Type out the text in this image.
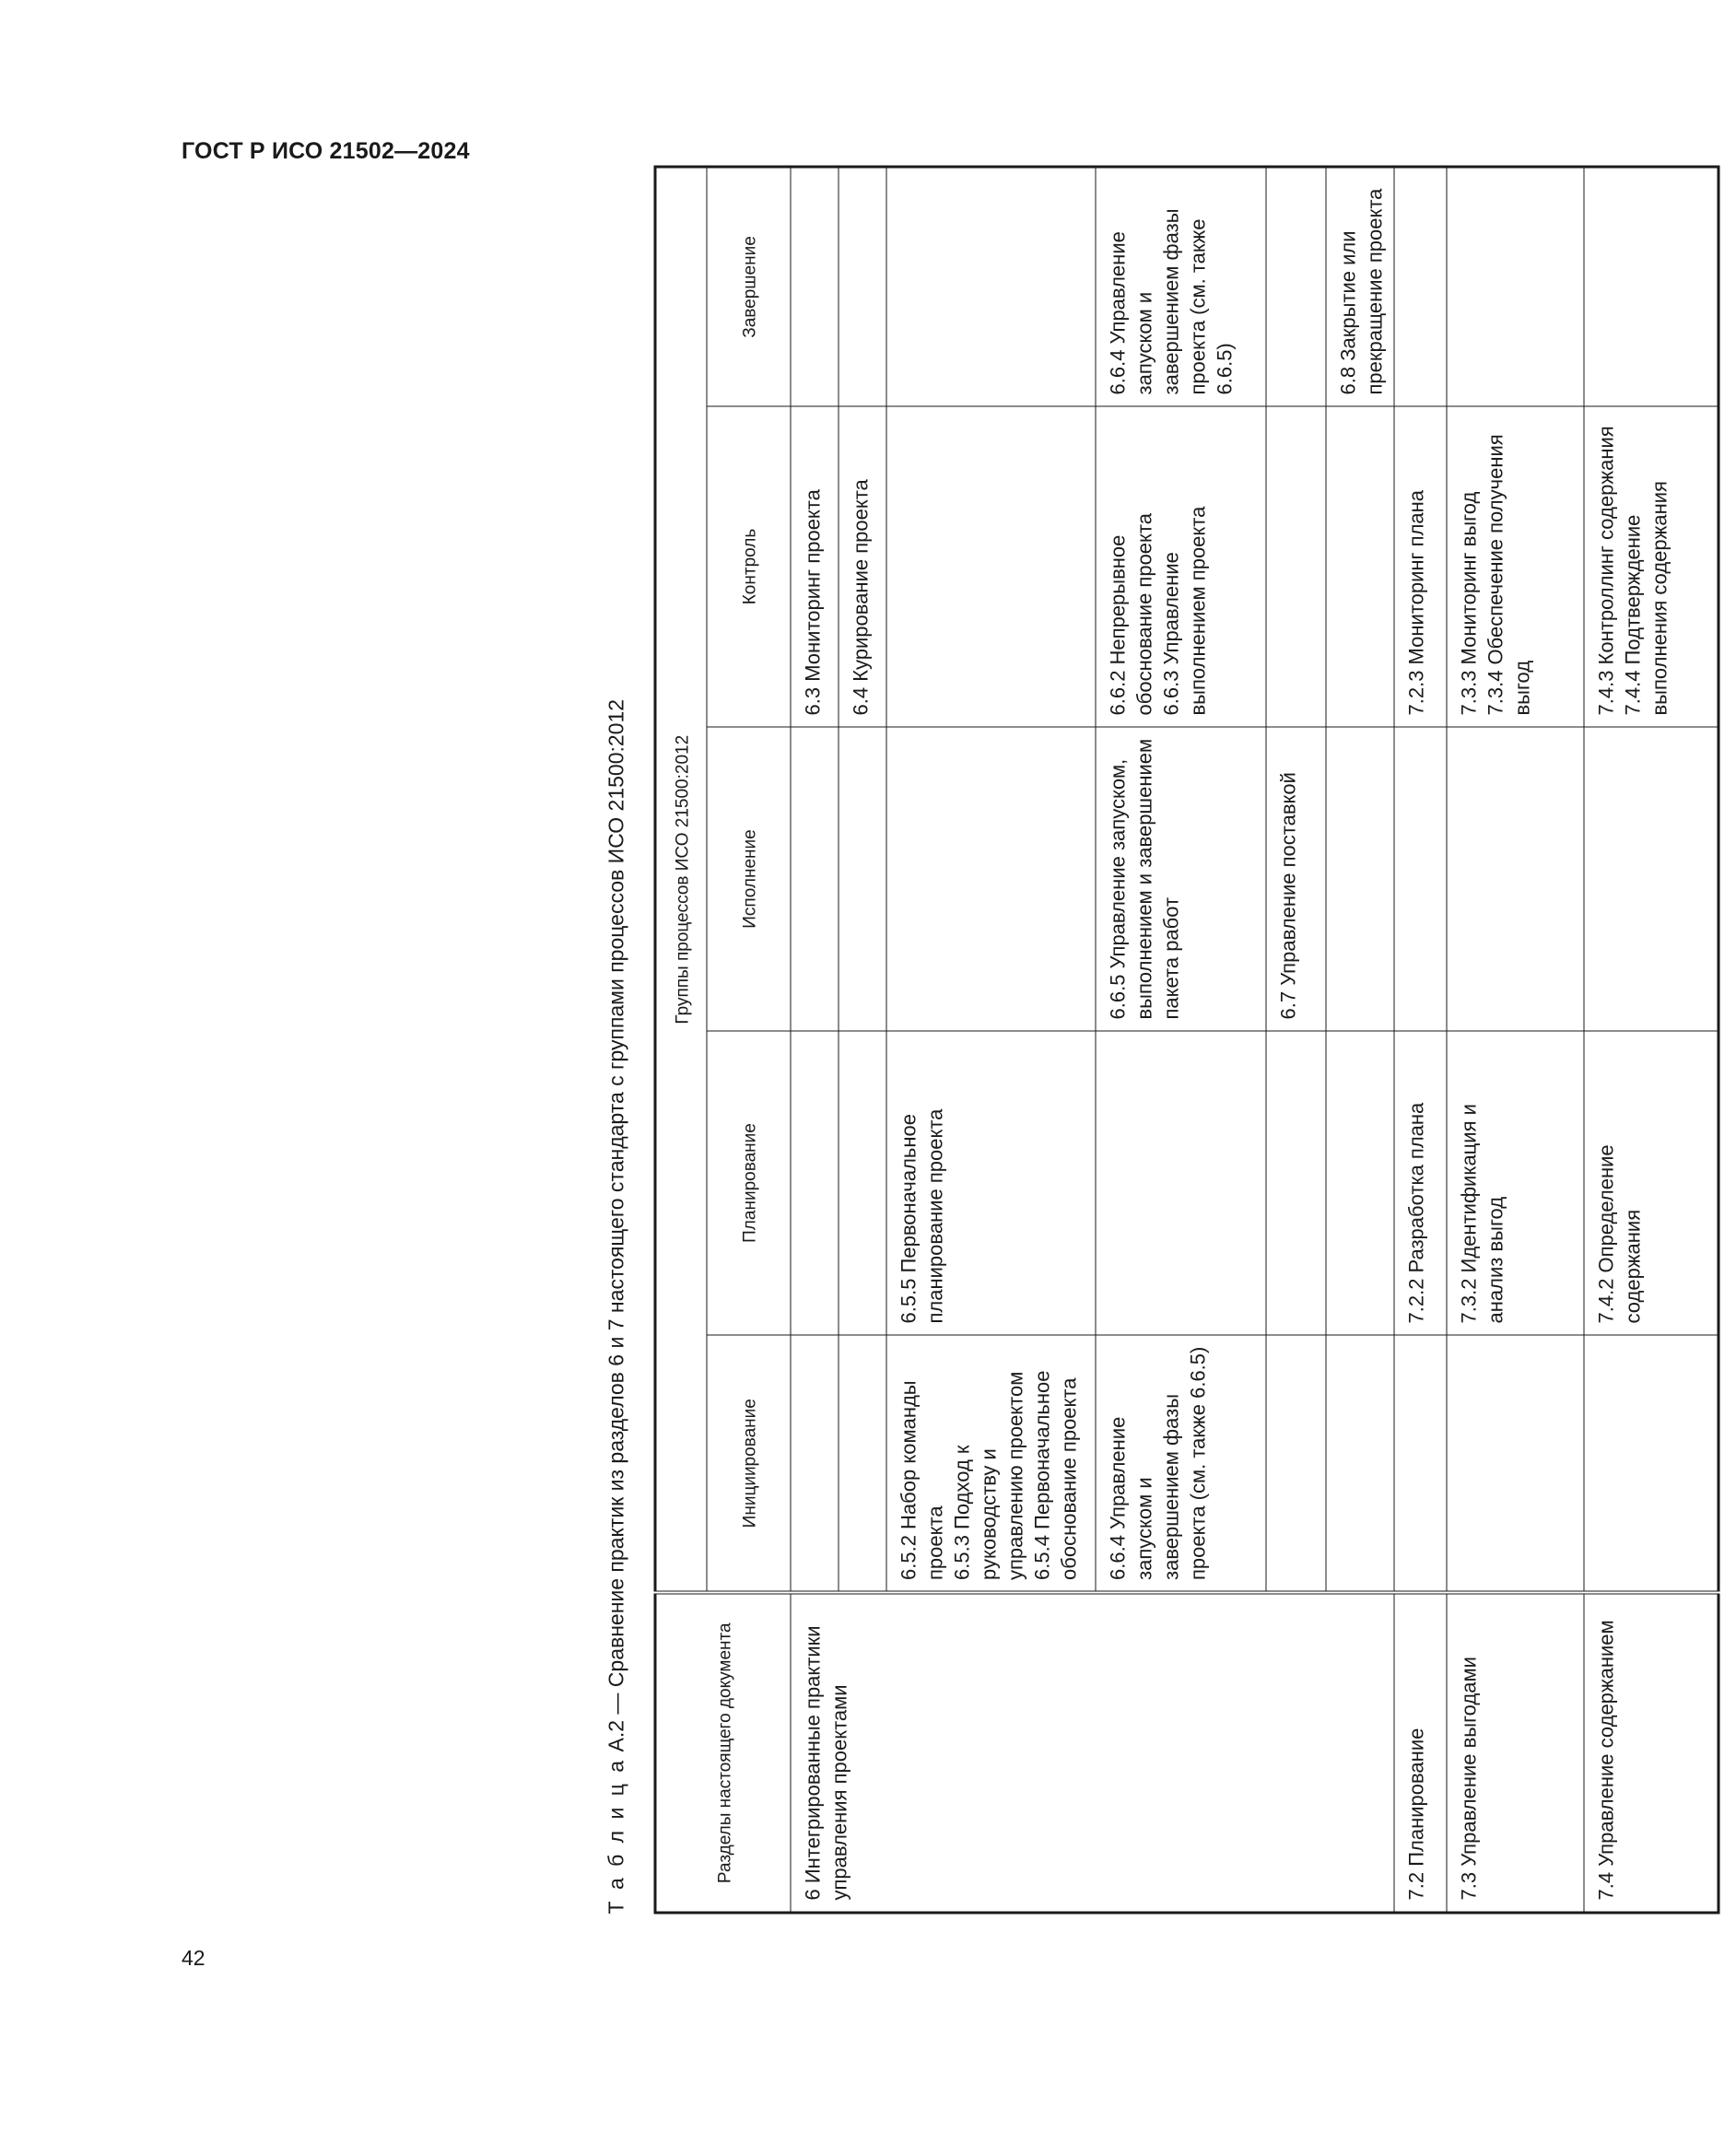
ГОСТ Р ИСО 21502—2024
Т а б л и ц а А.2 — Сравнение практик из разделов 6 и 7 настоящего стандарта с группами процессов ИСО 21500:2012
Разделы настоящего документа	Группы процессов ИСО 21500:2012				
	Инициирование	Планирование	Исполнение	Контроль	Завершение
6 Интегрированные практики управления проектами				6.3 Мониторинг проекта	
				6.4 Курирование проекта	

	6.5.2 Набор команды проекта 6.5.3 Подход к руководству и управлению проектом 6.5.4 Первоначальное обоснование проекта	6.5.5 Первоначальное планирование проекта			
	6.6.4 Управление запуском и завершением фазы проекта (см. также 6.6.5)		6.6.5 Управление запуском, выполнением и завершением пакета работ	6.6.2 Непрерывное обоснование проекта 6.6.3 Управление выполнением проекта	6.6.4 Управление запуском и завершением фазы проекта (см. также 6.6.5)
			6.7 Управление поставкой		
					6.8 Закрытие или прекращение проекта
7.2 Планирование		7.2.2 Разработка плана		7.2.3 Мониторинг плана	
7.3 Управление выгодами		7.3.2 Идентификация и анализ выгод		7.3.3 Мониторинг выгод 7.3.4 Обеспечение получения выгод	

7.4 Управление содержанием		7.4.2 Определение содержания		7.4.3 Контроллинг содержания 7.4.4 Подтверждение выполнения содержания	

42
